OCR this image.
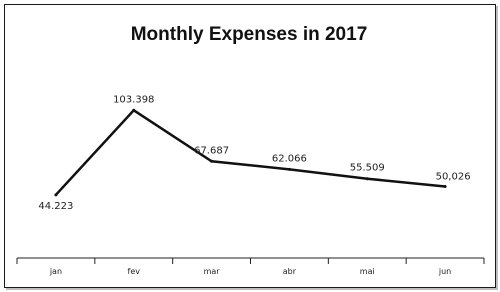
Monthly Expenses in 2017
jan	fev	mar	abr	mai	jun
44.223
103.398
67.687
62.066
55.509
50,026
